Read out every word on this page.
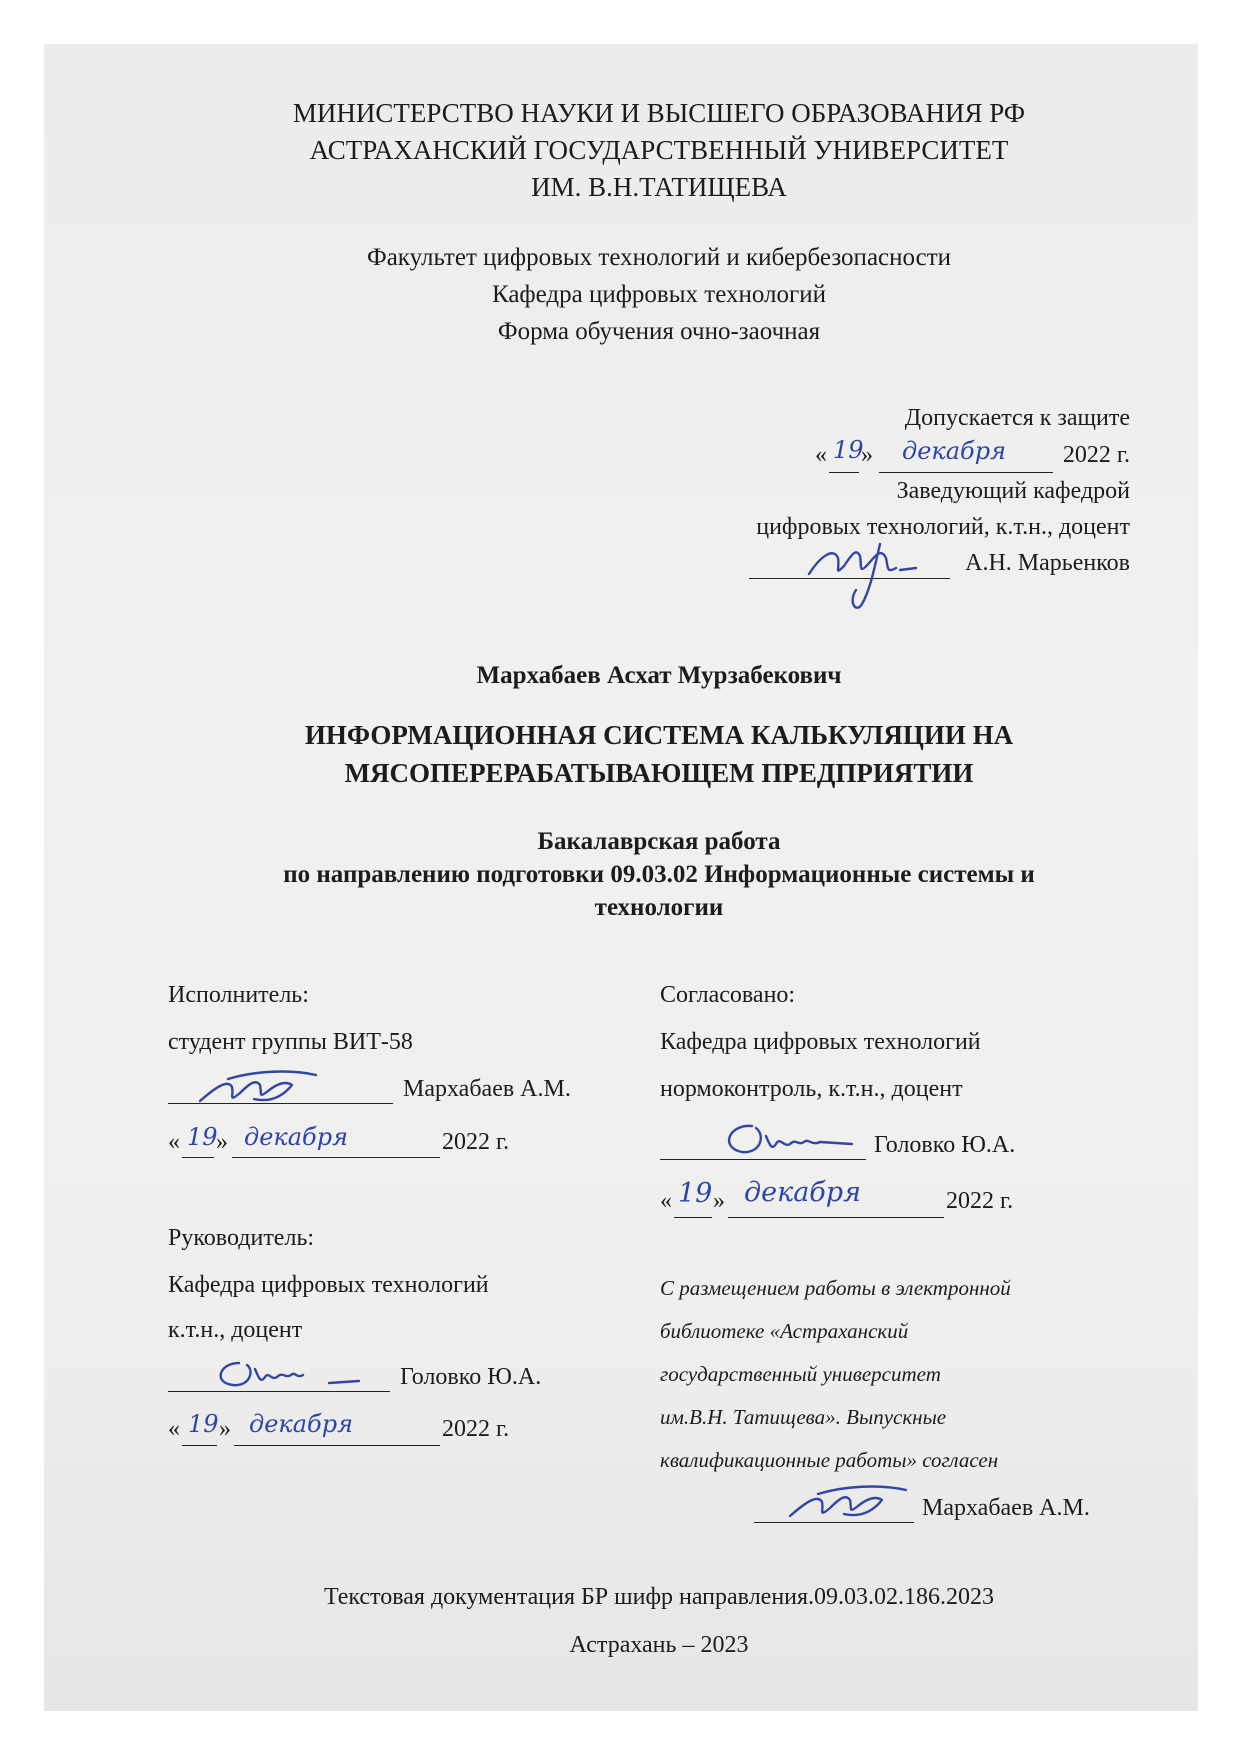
МИНИСТЕРСТВО НАУКИ И ВЫСШЕГО ОБРАЗОВАНИЯ РФ
АСТРАХАНСКИЙ ГОСУДАРСТВЕННЫЙ УНИВЕРСИТЕТ
ИМ. В.Н.ТАТИЩЕВА
Факультет цифровых технологий и кибербезопасности
Кафедра цифровых технологий
Форма обучения очно-заочная
Допускается к защите
« 19
» декабря 2022 г.
Заведующий кафедрой
цифровых технологий, к.т.н., доцент
А.Н. Марьенков
Мархабаев Асхат Мурзабекович
ИНФОРМАЦИОННАЯ СИСТЕМА КАЛЬКУЛЯЦИИ НА
МЯСОПЕРЕРАБАТЫВАЮЩЕМ ПРЕДПРИЯТИИ
Бакалаврская работа
по направлению подготовки 09.03.02 Информационные системы и
технологии
Исполнитель:
студент группы ВИТ-58
Мархабаев А.М.
« 19
» декабря	2022 г.
Руководитель:
Кафедра цифровых технологий
к.т.н., доцент
Головко Ю.А.
« 19 » декабря	2022 г.
Согласовано:
Кафедра цифровых технологий
нормоконтроль, к.т.н., доцент
Головко Ю.А.
« 19 » декабря	2022 г.
С размещением работы в электронной
библиотеке «Астраханский
государственный университет
им.В.Н. Татищева». Выпускные
квалификационные работы» согласен
Мархабаев А.М.
Текстовая документация БР шифр направления.09.03.02.186.2023
Астрахань – 2023
